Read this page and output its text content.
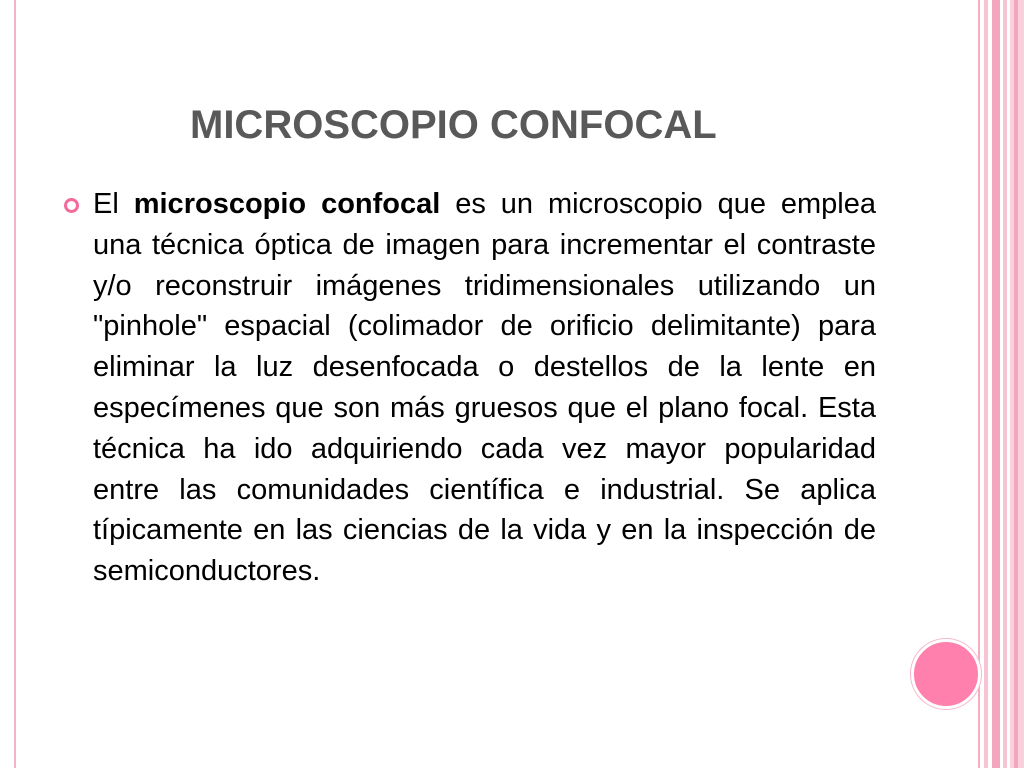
MICROSCOPIO CONFOCAL

El microscopio confocal es un microscopio que emplea una técnica óptica de imagen para incrementar el contraste y/o reconstruir imágenes tridimensionales utilizando un "pinhole" espacial (colimador de orificio delimitante) para eliminar la luz desenfocada o destellos de la lente en especímenes que son más gruesos que el plano focal. Esta técnica ha ido adquiriendo cada vez mayor popularidad entre las comunidades científica e industrial. Se aplica típicamente en las ciencias de la vida y en la inspección de semiconductores.
